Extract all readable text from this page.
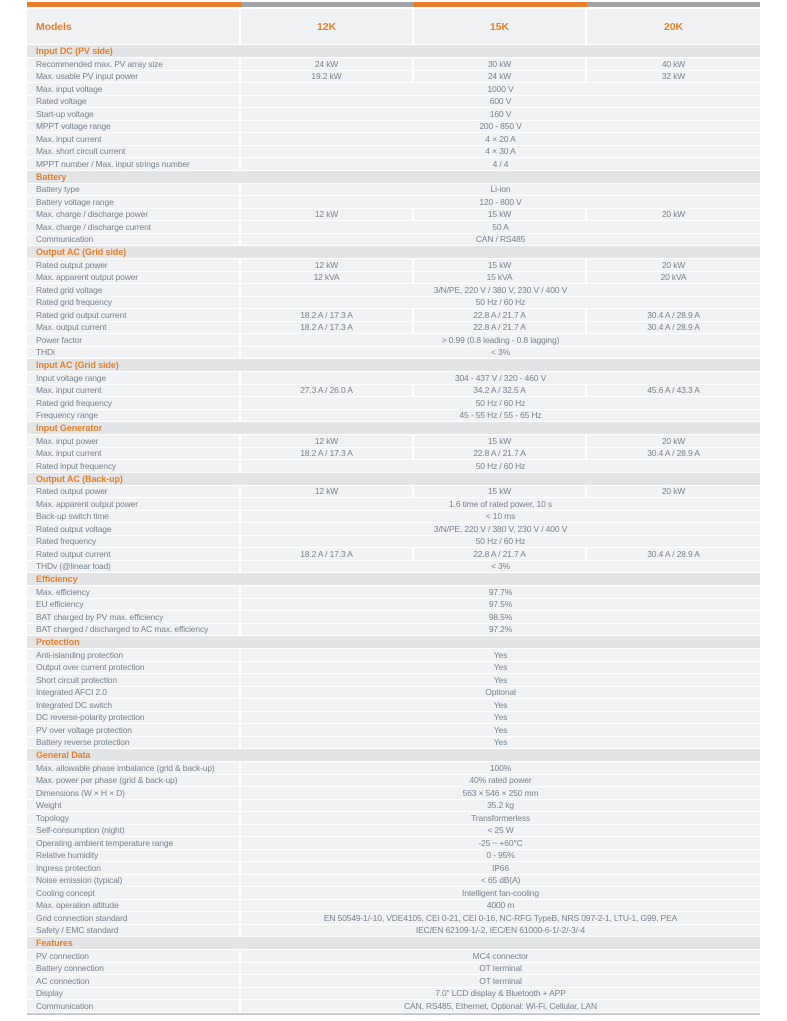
Models	12K	15K	20K
Input DC (PV side)
Recommended max. PV array size	24 kW	30 kW	40 kW
Max. usable PV input power	19.2 kW	24 kW	32 kW
Max. input voltage	1000 V
Rated voltage	600 V
Start-up voltage	160 V
MPPT voltage range	200 - 850 V
Max. input current	4 × 20 A
Max. short circuit current	4 × 30 A
MPPT number / Max. input strings number	4 / 4
Battery
Battery type	Li-ion
Battery voltage range	120 - 800 V
Max. charge / discharge power	12 kW	15 kW	20 kW
Max. charge / discharge current	50 A
Communication	CAN / RS485
Output AC (Grid side)
Rated output power	12 kW	15 kW	20 kW
Max. apparent output power	12 kVA	15 kVA	20 kVA
Rated grid voltage	3/N/PE, 220 V / 380 V, 230 V / 400 V
Rated grid frequency	50 Hz / 60 Hz
Rated grid output current	18.2 A / 17.3 A	22.8 A / 21.7 A	30.4 A / 28.9 A
Max. output current	18.2 A / 17.3 A	22.8 A / 21.7 A	30.4 A / 28.9 A
Power factor	> 0.99 (0.8 leading - 0.8 lagging)
THDi	< 3%
Input AC (Grid side)
Input voltage range	304 - 437 V / 320 - 460 V
Max. input current	27.3 A / 26.0 A	34.2 A / 32.5 A	45.6 A / 43.3 A
Rated grid frequency	50 Hz / 60 Hz
Frequency range	45 - 55 Hz / 55 - 65 Hz
Input Generator
Max. input power	12 kW	15 kW	20 kW
Max. input current	18.2 A / 17.3 A	22.8 A / 21.7 A	30.4 A / 28.9 A
Rated input frequency	50 Hz / 60 Hz
Output AC (Back-up)
Rated output power	12 kW	15 kW	20 kW
Max. apparent output power	1.6 time of rated power, 10 s
Back-up switch time	< 10 ms
Rated output voltage	3/N/PE, 220 V / 380 V, 230 V / 400 V
Rated frequency	50 Hz / 60 Hz
Rated output current	18.2 A / 17.3 A	22.8 A / 21.7 A	30.4 A / 28.9 A
THDv (@linear load)	< 3%
Efficiency
Max. efficiency	97.7%
EU efficiency	97.5%
BAT charged by PV max. efficiency	98.5%
BAT charged / discharged to AC max. efficiency	97.2%
Protection
Anti-islanding protection	Yes
Output over current protection	Yes
Short circuit protection	Yes
Integrated AFCI 2.0	Optional
Integrated DC switch	Yes
DC reverse-polarity protection	Yes
PV over voltage protection	Yes
Battery reverse protection	Yes
General Data
Max. allowable phase imbalance (grid & back-up)	100%
Max. power per phase (grid & back-up)	40% rated power
Dimensions (W × H × D)	563 × 546 × 250 mm
Weight	35.2 kg
Topology	Transformerless
Self-consumption (night)	< 25 W
Operating ambient temperature range	-25 ~ +60°C
Relative humidity	0 - 95%
Ingress protection	IP66
Noise emission (typical)	< 65 dB(A)
Cooling concept	Intelligent fan-cooling
Max. operation altitude	4000 m
Grid connection standard	EN 50549-1/-10, VDE4105, CEI 0-21, CEI 0-16, NC-RFG TypeB, NRS 097-2-1, LTU-1, G99, PEA
Safety / EMC standard	IEC/EN 62109-1/-2, IEC/EN 61000-6-1/-2/-3/-4
Features
PV connection	MC4 connector
Battery connection	OT terminal
AC connection	OT terminal
Display	7.0" LCD display & Bluetooth + APP
Communication	CAN, RS485, Ethernet, Optional: Wi-Fi, Cellular, LAN
